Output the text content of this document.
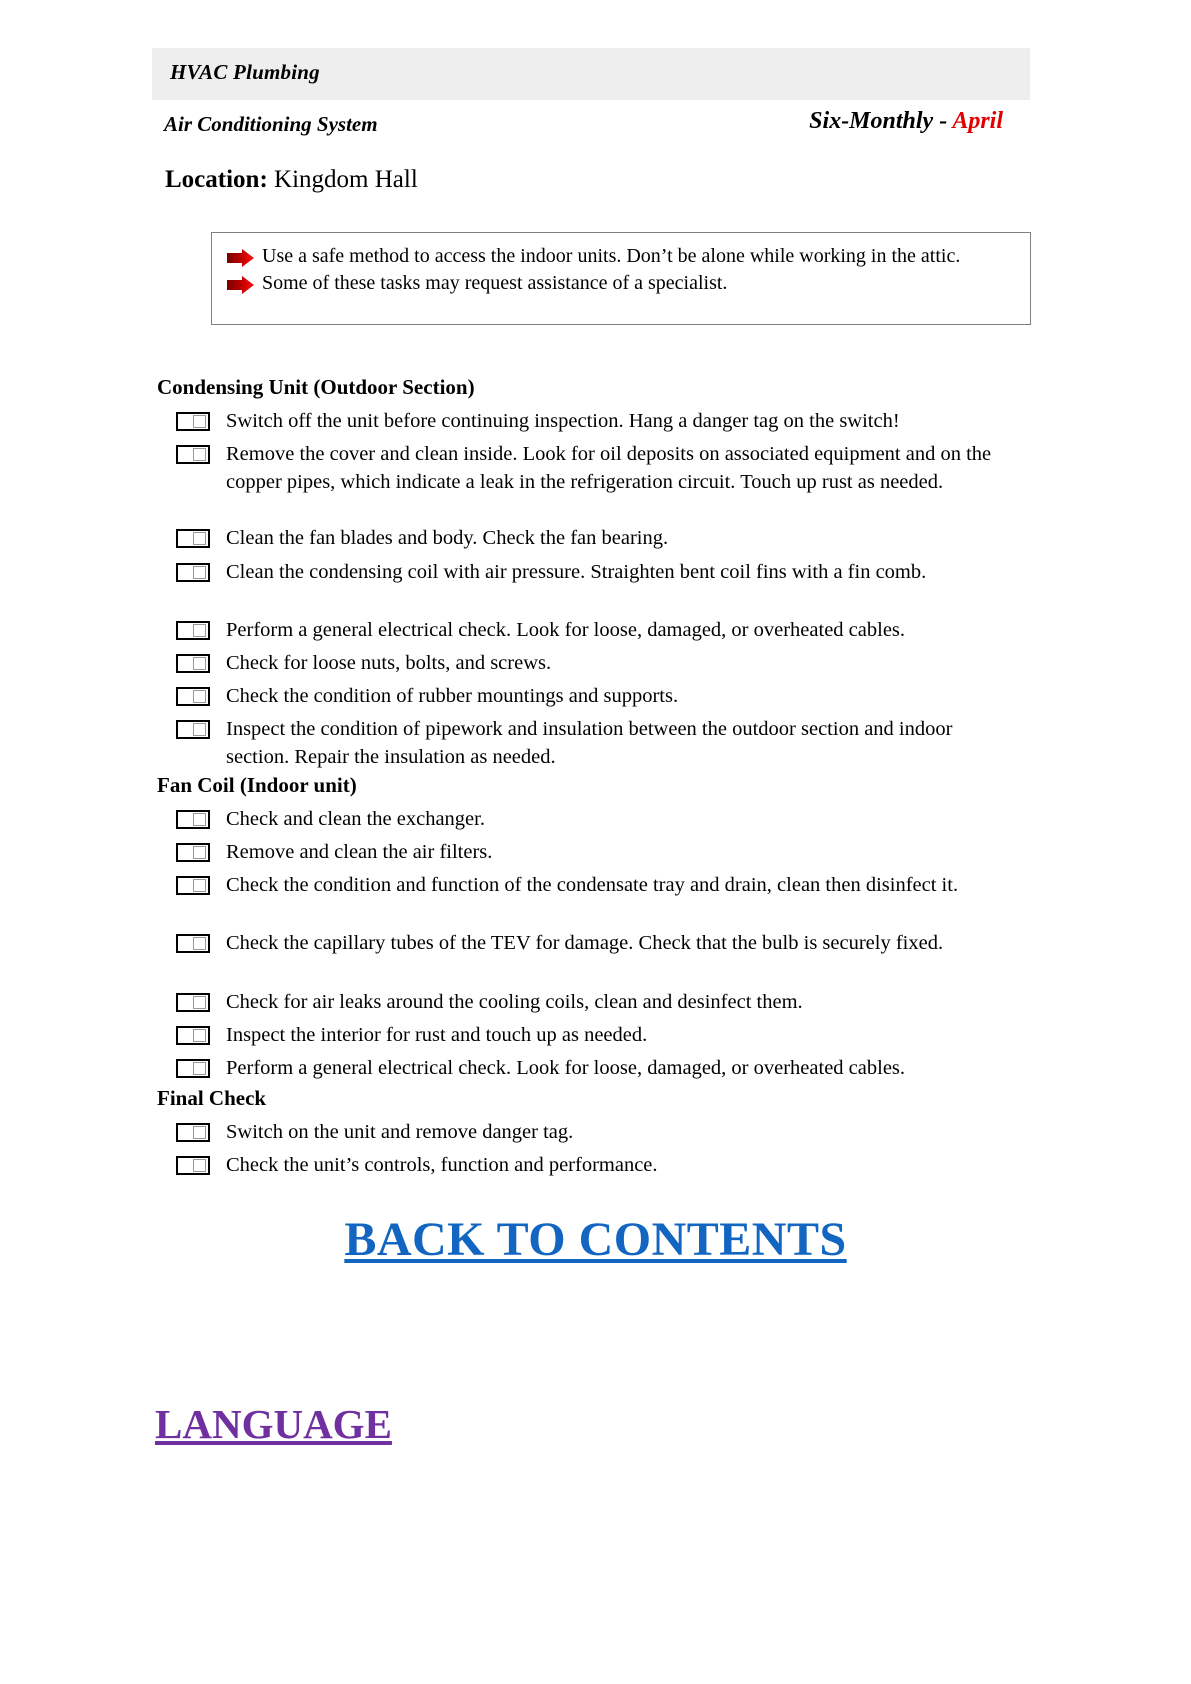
HVAC Plumbing
Air Conditioning System	Six-Monthly - April
Location: Kingdom Hall
Use a safe method to access the indoor units. Don’t be alone while working in the attic.
Some of these tasks may request assistance of a specialist.
Condensing Unit (Outdoor Section)
Switch off the unit before continuing inspection. Hang a danger tag on the switch!
Remove the cover and clean inside. Look for oil deposits on associated equipment and on the copper pipes, which indicate a leak in the refrigeration circuit. Touch up rust as needed.
Clean the fan blades and body. Check the fan bearing.
Clean the condensing coil with air pressure. Straighten bent coil fins with a fin comb.
Perform a general electrical check. Look for loose, damaged, or overheated cables.
Check for loose nuts, bolts, and screws.
Check the condition of rubber mountings and supports.
Inspect the condition of pipework and insulation between the outdoor section and indoor section. Repair the insulation as needed.
Fan Coil (Indoor unit)
Check and clean the exchanger.
Remove and clean the air filters.
Check the condition and function of the condensate tray and drain, clean then disinfect it.
Check the capillary tubes of the TEV for damage. Check that the bulb is securely fixed.
Check for air leaks around the cooling coils, clean and desinfect them.
Inspect the interior for rust and touch up as needed.
Perform a general electrical check. Look for loose, damaged, or overheated cables.
Final Check
Switch on the unit and remove danger tag.
Check the unit’s controls, function and performance.
BACK TO CONTENTS
LANGUAGE
